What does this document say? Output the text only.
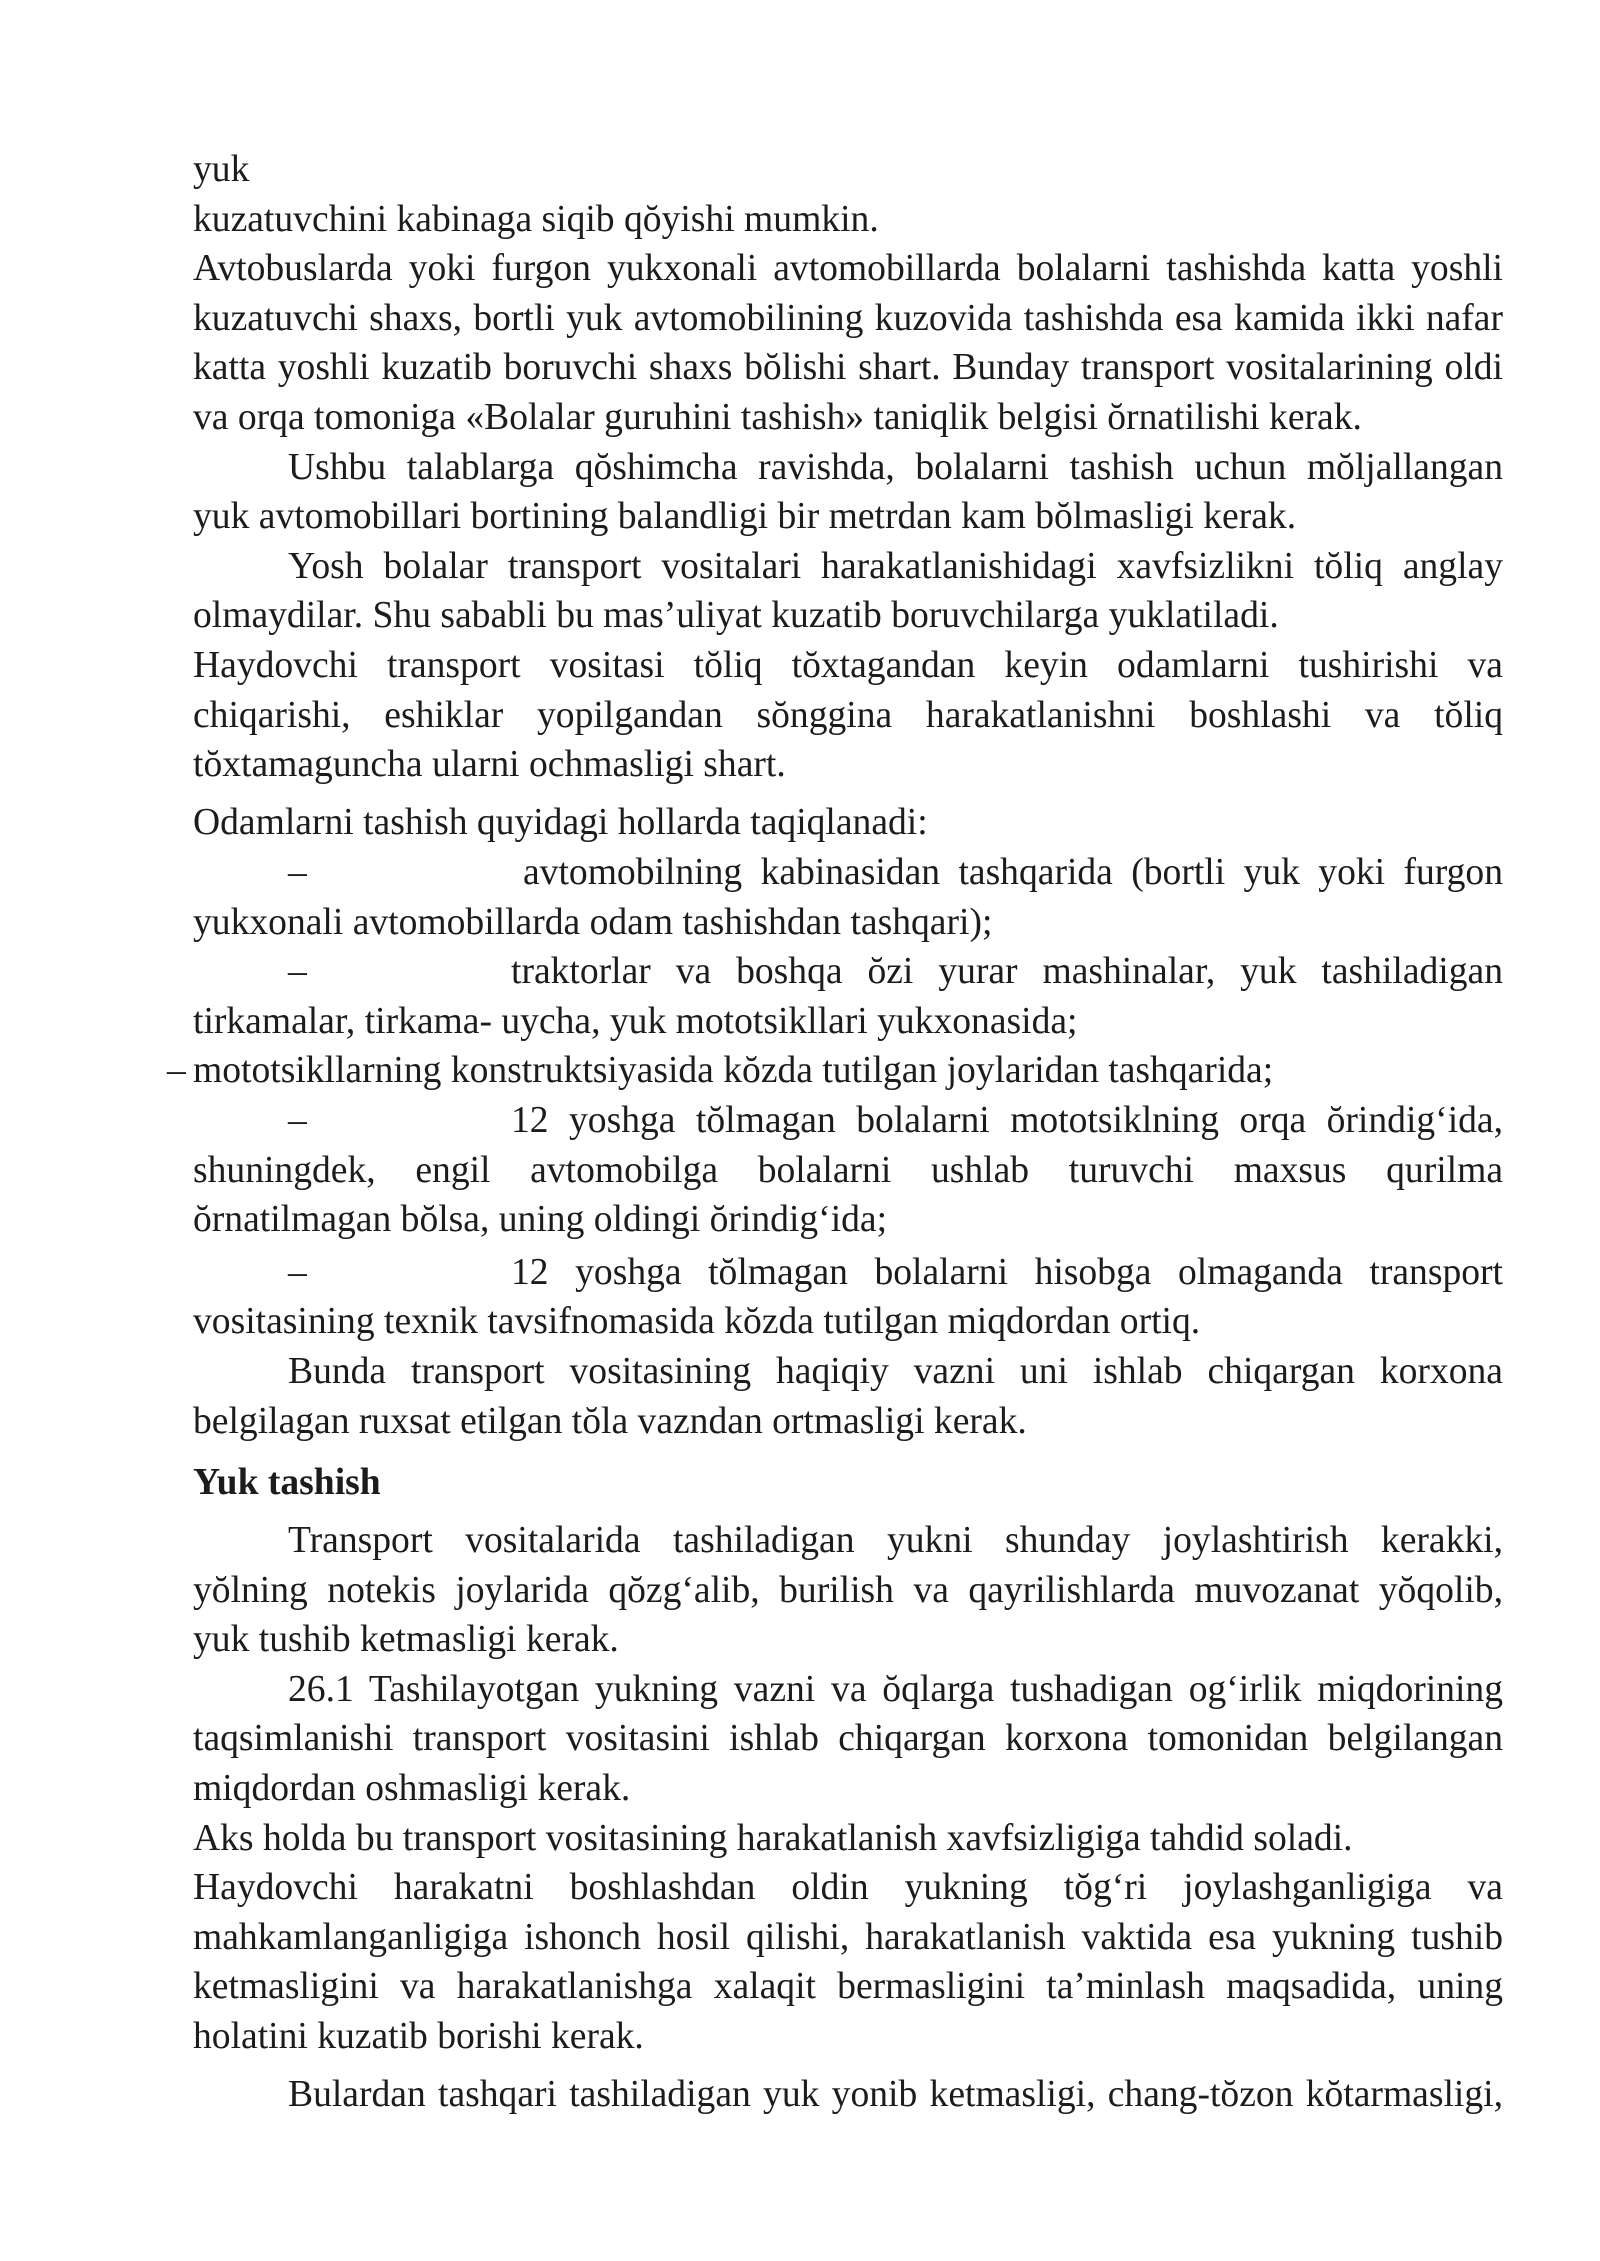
yuk
kuzatuvchini kabinaga siqib qŏyishi mumkin.
Avtobuslarda yoki furgon yukxonali avtomobillarda bolalarni tashishda katta yoshli
kuzatuvchi shaxs, bortli yuk avtomobilining kuzovida tashishda esa kamida ikki nafar
katta yoshli kuzatib boruvchi shaxs bŏlishi shart. Bunday transport vositalarining oldi
va orqa tomoniga «Bolalar guruhini tashish» taniqlik belgisi ŏrnatilishi kerak.
Ushbu talablarga qŏshimcha ravishda, bolalarni tashish uchun mŏljallangan
yuk avtomobillari bortining balandligi bir metrdan kam bŏlmasligi kerak.
Yosh bolalar transport vositalari harakatlanishidagi xavfsizlikni tŏliq anglay
olmaydilar. Shu sababli bu mas’uliyat kuzatib boruvchilarga yuklatiladi.
Haydovchi transport vositasi tŏliq tŏxtagandan keyin odamlarni tushirishi va
chiqarishi, eshiklar yopilgandan sŏnggina harakatlanishni boshlashi va tŏliq
tŏxtamaguncha ularni ochmasligi shart.
Odamlarni tashish quyidagi hollarda taqiqlanadi:
–	avtomobilning kabinasidan tashqarida (bortli yuk yoki furgon
yukxonali avtomobillarda odam tashishdan tashqari);
–	traktorlar va boshqa ŏzi yurar mashinalar, yuk tashiladigan
tirkamalar, tirkama- uycha, yuk mototsikllari yukxonasida;
– mototsikllarning konstruktsiyasida kŏzda tutilgan joylaridan tashqarida;
–	12 yoshga tŏlmagan bolalarni mototsiklning orqa ŏrindig‘ida,
shuningdek, engil avtomobilga bolalarni ushlab turuvchi maxsus qurilma
ŏrnatilmagan bŏlsa, uning oldingi ŏrindig‘ida;
–	12 yoshga tŏlmagan bolalarni hisobga olmaganda transport
vositasining texnik tavsifnomasida kŏzda tutilgan miqdordan ortiq.
Bunda transport vositasining haqiqiy vazni uni ishlab chiqargan korxona
belgilagan ruxsat etilgan tŏla vazndan ortmasligi kerak.
Yuk tashish
Transport vositalarida tashiladigan yukni shunday joylashtirish kerakki,
yŏlning notekis joylarida qŏzg‘alib, burilish va qayrilishlarda muvozanat yŏqolib,
yuk tushib ketmasligi kerak.
26.1 Tashilayotgan yukning vazni va ŏqlarga tushadigan og‘irlik miqdorining
taqsimlanishi transport vositasini ishlab chiqargan korxona tomonidan belgilangan
miqdordan oshmasligi kerak.
Aks holda bu transport vositasining harakatlanish xavfsizligiga tahdid soladi.
Haydovchi harakatni boshlashdan oldin yukning tŏg‘ri joylashganligiga va
mahkamlanganligiga ishonch hosil qilishi, harakatlanish vaktida esa yukning tushib
ketmasligini va harakatlanishga xalaqit bermasligini ta’minlash maqsadida, uning
holatini kuzatib borishi kerak.
Bulardan tashqari tashiladigan yuk yonib ketmasligi, chang-tŏzon kŏtarmasligi,
